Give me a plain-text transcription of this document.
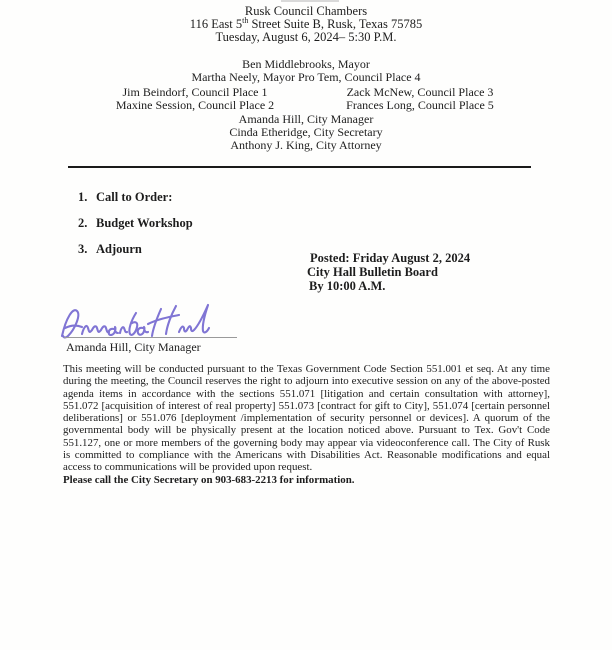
Rusk Council Chambers
116 East 5th Street Suite B, Rusk, Texas 75785
Tuesday, August 6, 2024– 5:30 P.M.
Ben Middlebrooks, Mayor
Martha Neely, Mayor Pro Tem, Council Place 4
Jim Beindorf, Council Place 1	Zack McNew, Council Place 3
Maxine Session, Council Place 2	Frances Long, Council Place 5
Amanda Hill, City Manager
Cinda Etheridge, City Secretary
Anthony J. King, City Attorney
1. Call to Order:
2. Budget Workshop
3. Adjourn
Posted: Friday August 2, 2024
City Hall Bulletin Board
By 10:00 A.M.
Amanda Hill, City Manager
This meeting will be conducted pursuant to the Texas Government Code Section 551.001 et seq. At any time during the meeting, the Council reserves the right to adjourn into executive session on any of the above-posted agenda items in accordance with the sections 551.071 [litigation and certain consultation with attorney], 551.072 [acquisition of interest of real property] 551.073 [contract for gift to City], 551.074 [certain personnel deliberations] or 551.076 [deployment /implementation of security personnel or devices]. A quorum of the governmental body will be physically present at the location noticed above. Pursuant to Tex. Gov't Code 551.127, one or more members of the governing body may appear via videoconference call. The City of Rusk is committed to compliance with the Americans with Disabilities Act. Reasonable modifications and equal access to communications will be provided upon request.
Please call the City Secretary on 903-683-2213 for information.
